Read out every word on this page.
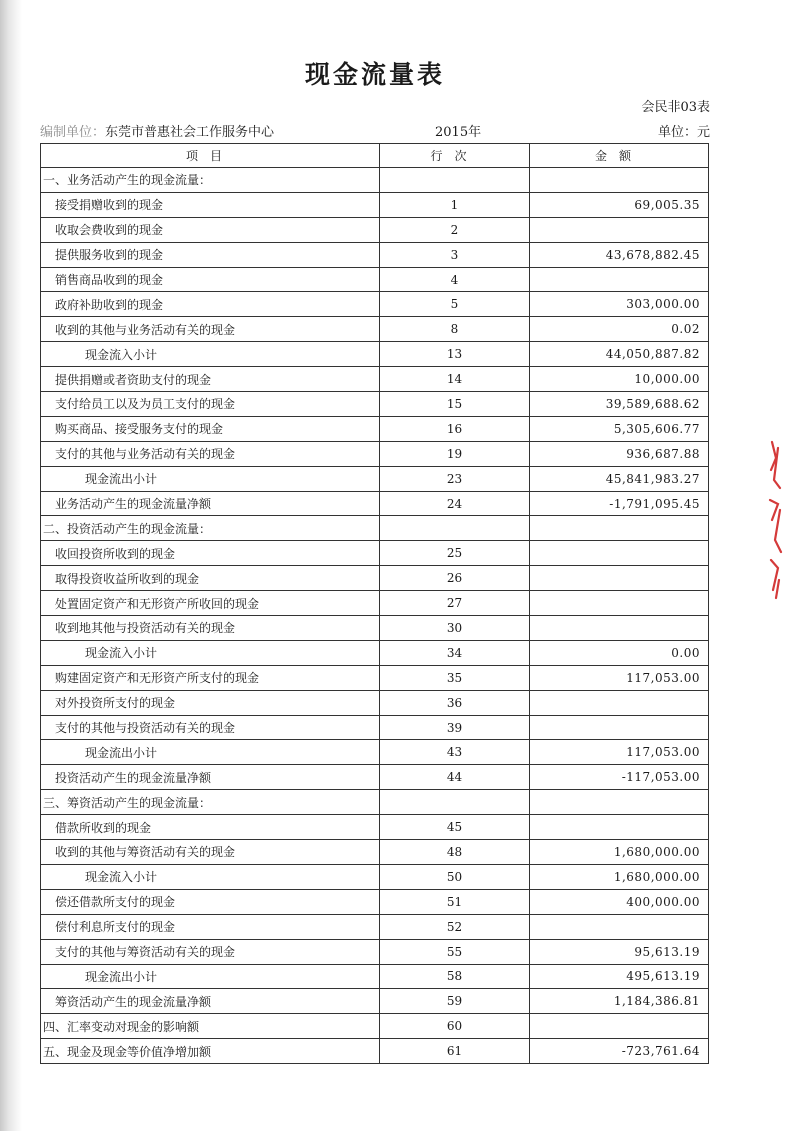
现金流量表
会民非03表
编制单位：东莞市普惠社会工作服务中心	2015年	单位：元
项目	行次	金额
一、业务活动产生的现金流量：		
接受捐赠收到的现金	1	69,005.35
收取会费收到的现金	2	
提供服务收到的现金	3	43,678,882.45
销售商品收到的现金	4	
政府补助收到的现金	5	303,000.00
收到的其他与业务活动有关的现金	8	0.02
现金流入小计	13	44,050,887.82
提供捐赠或者资助支付的现金	14	10,000.00
支付给员工以及为员工支付的现金	15	39,589,688.62
购买商品、接受服务支付的现金	16	5,305,606.77
支付的其他与业务活动有关的现金	19	936,687.88
现金流出小计	23	45,841,983.27
业务活动产生的现金流量净额	24	-1,791,095.45
二、投资活动产生的现金流量：		
收回投资所收到的现金	25	
取得投资收益所收到的现金	26	
处置固定资产和无形资产所收回的现金	27	
收到地其他与投资活动有关的现金	30	
现金流入小计	34	0.00
购建固定资产和无形资产所支付的现金	35	117,053.00
对外投资所支付的现金	36	
支付的其他与投资活动有关的现金	39	
现金流出小计	43	117,053.00
投资活动产生的现金流量净额	44	-117,053.00
三、筹资活动产生的现金流量：		
借款所收到的现金	45	
收到的其他与筹资活动有关的现金	48	1,680,000.00
现金流入小计	50	1,680,000.00
偿还借款所支付的现金	51	400,000.00
偿付利息所支付的现金	52	
支付的其他与筹资活动有关的现金	55	95,613.19
现金流出小计	58	495,613.19
筹资活动产生的现金流量净额	59	1,184,386.81
四、汇率变动对现金的影响额	60	
五、现金及现金等价值净增加额	61	-723,761.64
